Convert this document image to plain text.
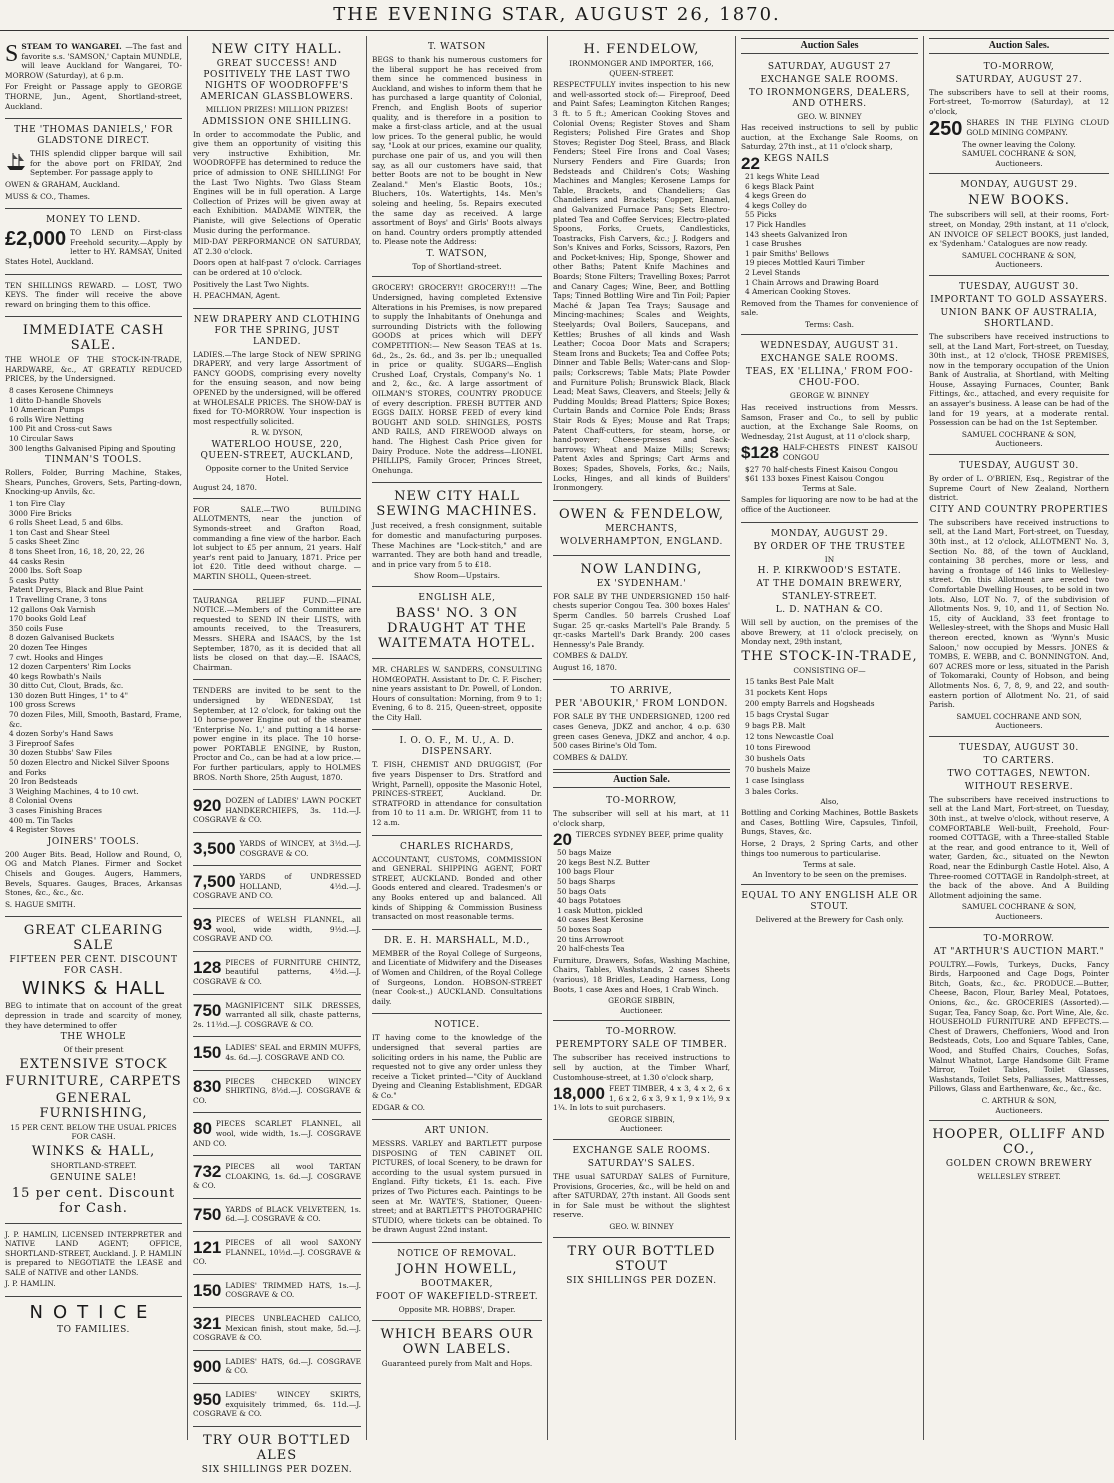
THE EVENING STAR, AUGUST 26, 1870.

SSTEAM TO WANGAREI. —The fast and favorite s.s. 'SAMSON,' Captain MUNDLE, will leave Auckland for Wangarei, TO-MORROW (Saturday), at 6 p.m.

For Freight or Passage apply to GEORGE THORNE, Jun., Agent, Shortland-street, Auckland.

THE 'THOMAS DANIELS,' FOR GLADSTONE DIRECT.

THIS splendid clipper barque will sail for the above port on FRIDAY, 2nd September. For passage apply to

OWEN & GRAHAM, Auckland.

MUSS & CO., Thames.

MONEY TO LEND.

£2,000 TO LEND on First-class Freehold security.—Apply by letter to HY. RAMSAY, United States Hotel, Auckland.

TEN SHILLINGS REWARD. — LOST, TWO KEYS. The finder will receive the above reward on bringing them to this office.

IMMEDIATE CASH SALE.

THE WHOLE OF THE STOCK-IN-TRADE, HARDWARE, &c., AT GREATLY REDUCED PRICES, by the Undersigned.

8 cases Kerosene Chimneys
1 ditto D-handle Shovels
10 American Pumps
6 rolls Wire Netting
100 Pit and Cross-cut Saws
10 Circular Saws
300 lengths Galvanised Piping and Spouting
TINMAN'S TOOLS.

Rollers, Folder, Burring Machine, Stakes, Shears, Punches, Grovers, Sets, Parting-down, Knocking-up Anvils, &c.

1 ton Fire Clay
3000 Fire Bricks
6 rolls Sheet Lead, 5 and 6lbs.
1 ton Cast and Shear Steel
5 casks Sheet Zinc
8 tons Sheet Iron, 16, 18, 20, 22, 26
44 casks Resin
2000 lbs. Soft Soap
5 casks Putty
Patent Dryers, Black and Blue Paint
1 Travelling Crane, 3 tons
12 gallons Oak Varnish
170 books Gold Leaf
350 coils Fuse
8 dozen Galvanised Buckets
20 dozen Tee Hinges
7 cwt. Hooks and Hinges
12 dozen Carpenters' Rim Locks
40 kegs Rowbath's Nails
30 ditto Cut, Clout, Brads, &c.
130 dozen Butt Hinges, 1" to 4"
100 gross Screws
70 dozen Files, Mill, Smooth, Bastard, Frame, &c.
4 dozen Sorby's Hand Saws
3 Fireproof Safes
30 dozen Stubbs' Saw Files
50 dozen Electro and Nickel Silver Spoons and Forks
20 Iron Bedsteads
3 Weighing Machines, 4 to 10 cwt.
8 Colonial Ovens
3 cases Finishing Braces
400 m. Tin Tacks
4 Register Stoves
JOINERS' TOOLS.

200 Auger Bits. Bead, Hollow and Round, O, OG and Match Planes. Firmer and Socket Chisels and Gouges. Augers, Hammers, Bevels, Squares. Gauges, Braces, Arkansas Stones, &c., &c., &c.

S. HAGUE SMITH.

GREAT CLEARING SALE
FIFTEEN PER CENT. DISCOUNT FOR CASH.
WINKS & HALL

BEG to intimate that on account of the great depression in trade and scarcity of money, they have determined to offer

THE WHOLE
Of their present
EXTENSIVE STOCK
FURNITURE, CARPETS
GENERAL FURNISHING,
15 PER CENT. BELOW THE USUAL PRICES FOR CASH.
WINKS & HALL,
SHORTLAND-STREET.
GENUINE SALE!
15 per cent. Discount for Cash.

J. P. HAMLIN, LICENSED INTERPRETER and NATIVE LAND AGENT; OFFICE, SHORTLAND-STREET, Auckland. J. P. HAMLIN is prepared to NEGOTIATE the LEASE and SALE of NATIVE and other LANDS.

J. P. HAMLIN.

NOTICE
TO FAMILIES.
NEW CITY HALL.
GREAT SUCCESS! AND POSITIVELY THE LAST TWO NIGHTS OF WOODROFFE'S AMERICAN GLASSBLOWERS.
MILLION PRIZES! MILLION PRIZES!
ADMISSION ONE SHILLING.

In order to accommodate the Public, and give them an opportunity of visiting this very instructive Exhibition, Mr. WOODROFFE has determined to reduce the price of admission to ONE SHILLING! For the Last Two Nights. Two Glass Steam Engines will be in full operation. A Large Collection of Prizes will be given away at each Exhibition. MADAME WINTER, the Pianiste, will give Selections of Operatic Music during the performance.

MID-DAY PERFORMANCE ON SATURDAY, AT 2.30 o'clock.

Doors open at half-past 7 o'clock. Carriages can be ordered at 10 o'clock.

Positively the Last Two Nights.

H. PEACHMAN, Agent.

NEW DRAPERY AND CLOTHING FOR THE SPRING, JUST LANDED.

LADIES.—The large Stock of NEW SPRING DRAPERY, and very large Assortment of FANCY GOODS, comprising every novelty for the ensuing season, and now being OPENED by the undersigned, will be offered at WHOLESALE PRICES. The SHOW-DAY is fixed for TO-MORROW. Your inspection is most respectfully solicited.

R. W. DYSON,
WATERLOO HOUSE, 220, QUEEN-STREET, AUCKLAND,
Opposite corner to the United Service Hotel.
August 24, 1870.

FOR SALE.—TWO BUILDING ALLOTMENTS, near the junction of Symonds-street and Grafton Road, commanding a fine view of the harbor. Each lot subject to £5 per annum, 21 years. Half year's rent paid to January, 1871. Price per lot £20. Title deed without charge. — MARTIN SHOLL, Queen-street.

TAURANGA RELIEF FUND.—FINAL NOTICE.—Members of the Committee are requested to SEND IN their LISTS, with amounts received, to the Treasurers, Messrs. SHERA and ISAACS, by the 1st September, 1870, as it is decided that all lists be closed on that day.—E. ISAACS, Chairman.

TENDERS are invited to be sent to the undersigned by WEDNESDAY, 1st September, at 12 o'clock, for taking out the 10 horse-power Engine out of the steamer 'Enterprise No. 1,' and putting a 14 horse-power engine in its place. The 10 horse-power PORTABLE ENGINE, by Ruston, Proctor and Co., can be had at a low price.—For further particulars, apply to HOLMES BROS. North Shore, 25th August, 1870.

920 DOZEN of LADIES' LAWN POCKET HANDKERCHIEFS, 3s. 11d.—J. COSGRAVE & CO.

3,500 YARDS of WINCEY, at 3½d.—J. COSGRAVE & CO.

7,500 YARDS of UNDRESSED HOLLAND, 4½d.—J. COSGRAVE AND CO.

93 PIECES of WELSH FLANNEL, all wool, wide width, 9½d.—J. COSGRAVE AND CO.

128 PIECES of FURNITURE CHINTZ, beautiful patterns, 4½d.—J. COSGRAVE & CO.

750 MAGNIFICENT SILK DRESSES, warranted all silk, chaste patterns, 2s. 11½d.—J. COSGRAVE & CO.

150 LADIES' SEAL and ERMIN MUFFS, 4s. 6d.—J. COSGRAVE AND CO.

830 PIECES CHECKED WINCEY SHIRTING, 8½d.—J. COSGRAVE & CO.

80 PIECES SCARLET FLANNEL, all wool, wide width, 1s.—J. COSGRAVE AND CO.

732 PIECES all wool TARTAN CLOAKING, 1s. 6d.—J. COSGRAVE & CO.

750 YARDS of BLACK VELVETEEN, 1s. 6d.—J. COSGRAVE & CO.

121 PIECES of all wool SAXONY FLANNEL, 10½d.—J. COSGRAVE & CO.

150 LADIES' TRIMMED HATS, 1s.—J. COSGRAVE & CO.

321 PIECES UNBLEACHED CALICO, Mexican finish, stout make, 5d.—J. COSGRAVE & CO.

900 LADIES' HATS, 6d.—J. COSGRAVE & CO.

950 LADIES' WINCEY SKIRTS, exquisitely trimmed, 6s. 11d.—J. COSGRAVE & CO.

TRY OUR BOTTLED ALES
SIX SHILLINGS PER DOZEN.
T. WATSON

BEGS to thank his numerous customers for the liberal support he has received from them since he commenced business in Auckland, and wishes to inform them that he has purchased a large quantity of Colonial, French, and English Boots of superior quality, and is therefore in a position to make a first-class article, and at the usual low prices. To the general public, he would say, "Look at our prices, examine our quality, purchase one pair of us, and you will then say, as all our customers have said, that better Boots are not to be bought in New Zealand." Men's Elastic Boots, 10s.; Bluchers, 10s. Watertights, 14s. Men's soleing and heeling, 5s. Repairs executed the same day as received. A large assortment of Boys' and Girls' Boots always on hand. Country orders promptly attended to. Please note the Address:

T. WATSON,
Top of Shortland-street.

GROCERY! GROCERY!! GROCERY!!! —The Undersigned, having completed Extensive Alterations in his Premises, is now prepared to supply the Inhabitants of Onehunga and surrounding Districts with the following GOODS at prices which will DEFY COMPETITION:— New Season TEAS at 1s. 6d., 2s., 2s. 6d., and 3s. per lb.; unequalled in price or quality. SUGARS—English Crushed Loaf, Crystals, Company's No. 1 and 2, &c., &c. A large assortment of OILMAN'S STORES, COUNTRY PRODUCE of every description. FRESH BUTTER AND EGGS DAILY. HORSE FEED of every kind BOUGHT AND SOLD. SHINGLES, POSTS AND RAILS, AND FIREWOOD always on hand. The Highest Cash Price given for Dairy Produce. Note the address—LIONEL PHILLIPS, Family Grocer, Princes Street, Onehunga.

NEW CITY HALL SEWING MACHINES.

Just received, a fresh consignment, suitable for domestic and manufacturing purposes. These Machines are "Lock-stitch," and are warranted. They are both hand and treadle, and in price vary from 5 to £18.

Show Room—Upstairs.
ENGLISH ALE,
BASS' NO. 3 ON DRAUGHT AT THE WAITEMATA HOTEL.

MR. CHARLES W. SANDERS, CONSULTING HOMŒOPATH. Assistant to Dr. C. F. Fischer; nine years assistant to Dr. Powell, of London. Hours of consultation: Morning, from 9 to 1; Evening, 6 to 8. 215, Queen-street, opposite the City Hall.

I. O. O. F., M. U., A. D. DISPENSARY.

T. FISH, CHEMIST AND DRUGGIST, (For five years Dispenser to Drs. Stratford and Wright, Parnell), opposite the Masonic Hotel, PRINCES-STREET, Auckland. Dr. STRATFORD in attendance for consultation from 10 to 11 a.m. Dr. WRIGHT, from 11 to 12 a.m.

CHARLES RICHARDS,

ACCOUNTANT, CUSTOMS, COMMISSION and GENERAL SHIPPING AGENT, FORT STREET, AUCKLAND. Bonded and other Goods entered and cleared. Tradesmen's or any Books entered up and balanced. All kinds of Shipping & Commission Business transacted on most reasonable terms.

DR. E. H. MARSHALL, M.D.,

MEMBER of the Royal College of Surgeons, and Licentiate of Midwifery and the Diseases of Women and Children, of the Royal College of Surgeons, London. HOBSON-STREET (near Cook-st.,) AUCKLAND. Consultations daily.

NOTICE.

IT having come to the knowledge of the undersigned that several parties are soliciting orders in his name, the Public are requested not to give any order unless they receive a Ticket printed—"City of Auckland Dyeing and Cleaning Establishment, EDGAR & Co."

EDGAR & CO.

ART UNION.

MESSRS. VARLEY and BARTLETT purpose DISPOSING of TEN CABINET OIL PICTURES, of local Scenery, to be drawn for according to the usual system pursued in England. Fifty tickets, £1 1s. each. Five prizes of Two Pictures each. Paintings to be seen at Mr. WAYTE'S, Stationer, Queen-street; and at BARTLETT'S PHOTOGRAPHIC STUDIO, where tickets can be obtained. To be drawn August 22nd instant.

NOTICE OF REMOVAL.
JOHN HOWELL,
BOOTMAKER,
FOOT OF WAKEFIELD-STREET.
Opposite MR. HOBBS', Draper.
WHICH BEARS OUR OWN LABELS.
Guaranteed purely from Malt and Hops.
H. FENDELOW,
IRONMONGER AND IMPORTER, 166, QUEEN-STREET.

RESPECTFULLY invites inspection to his new and well-assorted stock of:— Fireproof, Deed and Paint Safes; Leamington Kitchen Ranges; 3 ft. to 5 ft.; American Cooking Stoves and Colonial Ovens; Register Stoves and Sham Registers; Polished Fire Grates and Shop Stoves; Register Dog Steel, Brass, and Black Fenders; Steel Fire Irons and Coal Vases; Nursery Fenders and Fire Guards; Iron Bedsteads and Children's Cots; Washing Machines and Mangles; Kerosene Lamps for Table, Brackets, and Chandeliers; Gas Chandeliers and Brackets; Copper, Enamel, and Galvanized Furnace Pans; Sets Electro-plated Tea and Coffee Services; Electro-plated Spoons, Forks, Cruets, Candlesticks, Toastracks, Fish Carvers, &c.; J. Rodgers and Son's Knives and Forks, Scissors, Razors, Pen and Pocket-knives; Hip, Sponge, Shower and other Baths; Patent Knife Machines and Boards; Stone Filters; Travelling Boxes; Parrot and Canary Cages; Wine, Beer, and Bottling Taps; Tinned Bottling Wire and Tin Foil; Papier Maché & Japan Tea Trays; Sausage and Mincing-machines; Scales and Weights, Steelyards; Oval Boilers, Saucepans, and Kettles; Brushes of all kinds and Wash Leather; Cocoa Door Mats and Scrapers; Steam Irons and Buckets; Tea and Coffee Pots; Dinner and Table Bells; Water-cans and Slop-pails; Corkscrews; Table Mats; Plate Powder and Furniture Polish; Brunswick Black, Black Lead; Meat Saws, Cleavers, and Steels; Jelly & Pudding Moulds; Bread Platters; Spice Boxes; Curtain Bands and Cornice Pole Ends; Brass Stair Rods & Eyes; Mouse and Rat Traps; Patent Chaff-cutters, for steam, horse, or hand-power; Cheese-presses and Sack-barrows; Wheat and Maize Mills; Screws; Patent Axles and Springs; Cart Arms and Boxes; Spades, Shovels, Forks, &c.; Nails, Locks, Hinges, and all kinds of Builders' Ironmongery.

OWEN & FENDELOW,
MERCHANTS,
WOLVERHAMPTON, ENGLAND.
NOW LANDING,
EX 'SYDENHAM.'

FOR SALE BY THE UNDERSIGNED 150 half-chests superior Congou Tea. 300 boxes Hales' Sperm Candles. 50 barrels Crushed Loaf Sugar. 25 qr.-casks Martell's Pale Brandy. 5 qr.-casks Martell's Dark Brandy. 200 cases Hennessy's Pale Brandy.

COMBES & DALDY.

August 16, 1870.

TO ARRIVE,
PER 'ABOUKIR,' FROM LONDON.

FOR SALE BY THE UNDERSIGNED, 1200 red cases Geneva, JDKZ and anchor, 4 o.p. 630 green cases Geneva, JDKZ and anchor, 4 o.p. 500 cases Birine's Old Tom.

COMBES & DALDY.

Auction Sale.
TO-MORROW,

The subscriber will sell at his mart, at 11 o'clock sharp,

20 TIERCES SYDNEY BEEF, prime quality

50 bags Maize
20 kegs Best N.Z. Butter
100 bags Flour
50 bags Sharps
50 bags Oats
40 bags Potatoes
1 cask Mutton, pickled
40 cases Best Kerosine
50 boxes Soap
20 tins Arrowroot
20 half-chests Tea

Furniture, Drawers, Sofas, Washing Machine, Chairs, Tables, Washstands, 2 cases Sheets (various), 18 Bridles, Leading Harness, Long Boots, 1 case Axes and Hoes, 1 Crab Winch.

GEORGE SIBBIN,
Auctioneer.
TO-MORROW.
PEREMPTORY SALE OF TIMBER.

The subscriber has received instructions to sell by auction, at the Timber Wharf, Customhouse-street, at 1.30 o'clock sharp,

18,000 FEET TIMBER, 4 x 3, 4 x 2, 6 x 1, 6 x 2, 6 x 3, 9 x 1, 9 x 1½, 9 x 1¼. In lots to suit purchasers.

GEORGE SIBBIN,
Auctioneer.
EXCHANGE SALE ROOMS.
SATURDAY'S SALES.

THE usual SATURDAY SALES of Furniture, Provisions, Groceries, &c., will be held on and after SATURDAY, 27th instant. All Goods sent in for Sale must be without the slightest reserve.

GEO. W. BINNEY
TRY OUR BOTTLED STOUT
SIX SHILLINGS PER DOZEN.
Auction Sales
SATURDAY, AUGUST 27
EXCHANGE SALE ROOMS.
TO IRONMONGERS, DEALERS, AND OTHERS.
GEO. W. BINNEY

Has received instructions to sell by public auction, at the Exchange Sale Rooms, on Saturday, 27th inst., at 11 o'clock sharp,

22 KEGS NAILS

21 kegs White Lead
6 kegs Black Paint
4 kegs Green do
4 kegs Colley do
55 Picks
17 Pick Handles
143 sheets Galvanized Iron
1 case Brushes
1 pair Smiths' Bellows
19 pieces Mottled Kauri Timber
2 Level Stands
1 Chain Arrows and Drawing Board
4 American Cooking Stoves.

Removed from the Thames for convenience of sale.

Terms: Cash.
WEDNESDAY, AUGUST 31.
EXCHANGE SALE ROOMS.
TEAS, EX 'ELLINA,' FROM FOO-CHOU-FOO.
GEORGE W. BINNEY

Has received instructions from Messrs. Samson, Fraser and Co., to sell by public auction, at the Exchange Sale Rooms, on Wednesday, 21st August, at 11 o'clock sharp,

$128 HALF-CHESTS FINEST KAISOU CONGOU

$27 70 half-chests Finest Kaisou Congou
$61 133 boxes Finest Kaisou Congou
Terms at Sale.

Samples for liquoring are now to be had at the office of the Auctioneer.

MONDAY, AUGUST 29.
BY ORDER OF THE TRUSTEE
IN
H. P. KIRKWOOD'S ESTATE.
AT THE DOMAIN BREWERY,
STANLEY-STREET.
L. D. NATHAN & CO.

Will sell by auction, on the premises of the above Brewery, at 11 o'clock precisely, on Monday next, 29th instant,

THE STOCK-IN-TRADE,
CONSISTING OF—
15 tanks Best Pale Malt
31 pockets Kent Hops
200 empty Barrels and Hogsheads
15 bags Crystal Sugar
9 bags P.B. Malt
12 tons Newcastle Coal
10 tons Firewood
30 bushels Oats
70 bushels Maize
1 case Isinglass
3 bales Corks.
Also,

Bottling and Corking Machines, Bottle Baskets and Cases, Bottling Wire, Capsules, Tinfoil, Bungs, Staves, &c.

Horse, 2 Drays, 2 Spring Carts, and other things too numerous to particularise.

Terms at sale.
An Inventory to be seen on the premises.
EQUAL TO ANY ENGLISH ALE OR STOUT.
Delivered at the Brewery for Cash only.
Auction Sales.
TO-MORROW,
SATURDAY, AUGUST 27.

The subscribers have to sell at their rooms, Fort-street, To-morrow (Saturday), at 12 o'clock,

250 SHARES IN THE FLYING CLOUD GOLD MINING COMPANY.

The owner leaving the Colony.
SAMUEL COCHRANE & SON,
Auctioneers.
MONDAY, AUGUST 29.
NEW BOOKS.

The subscribers will sell, at their rooms, Fort-street, on Monday, 29th instant, at 11 o'clock, AN INVOICE OF SELECT BOOKS, just landed, ex 'Sydenham.' Catalogues are now ready.

SAMUEL COCHRANE & SON,
Auctioneers.
TUESDAY, AUGUST 30.
IMPORTANT TO GOLD ASSAYERS.
UNION BANK OF AUSTRALIA, SHORTLAND.

The subscribers have received instructions to sell, at the Land Mart, Fort-street, on Tuesday, 30th inst., at 12 o'clock, THOSE PREMISES, now in the temporary occupation of the Union Bank of Australia, at Shortland, with Melting House, Assaying Furnaces, Counter, Bank Fittings, &c., attached, and every requisite for an assayer's business. A lease can be had of the land for 19 years, at a moderate rental. Possession can be had on the 1st September.

SAMUEL COCHRANE & SON,
Auctioneers.
TUESDAY, AUGUST 30.

By order of L. O'BRIEN, Esq., Registrar of the Supreme Court of New Zealand, Northern district.

CITY AND COUNTRY PROPERTIES

The subscribers have received instructions to sell, at the Land Mart, Fort-street, on Tuesday, 30th inst., at 12 o'clock, ALLOTMENT No. 3, Section No. 88, of the town of Auckland, containing 38 perches, more or less, and having a frontage of 146 links to Wellesley-street. On this Allotment are erected two Comfortable Dwelling Houses, to be sold in two lots. Also, LOT No. 7, of the subdivision of Allotments Nos. 9, 10, and 11, of Section No. 15, city of Auckland, 33 feet frontage to Wellesley-street, with the Shops and Music Hall thereon erected, known as 'Wynn's Music Saloon,' now occupied by Messrs. JONES & TOMBS, E. WEBB, and C. BONNINGTON. And, 607 ACRES more or less, situated in the Parish of Tokomaraki, County of Hobson, and being Allotments Nos. 6, 7, 8, 9, and 22, and south-eastern portion of Allotment No. 21, of said Parish.

SAMUEL COCHRANE AND SON,
Auctioneers.
TUESDAY, AUGUST 30.
TO CARTERS.
TWO COTTAGES, NEWTON.
WITHOUT RESERVE.

The subscribers have received instructions to sell at the Land Mart, Fort-street, on Tuesday, 30th inst., at twelve o'clock, without reserve, A COMFORTABLE Well-built, Freehold, Four-roomed COTTAGE, with a Three-stalled Stable at the rear, and good entrance to it, Well of water, Garden, &c., situated on the Newton Road, near the Edinburgh Castle Hotel. Also, A Three-roomed COTTAGE in Randolph-street, at the back of the above. And A Building Allotment adjoining the same.

SAMUEL COCHRANE & SON,
Auctioneers.
TO-MORROW.
AT "ARTHUR'S AUCTION MART."

POULTRY.—Fowls, Turkeys, Ducks, Fancy Birds, Harpooned and Cage Dogs, Pointer Bitch, Goats, &c., &c. PRODUCE.—Butter, Cheese, Bacon, Flour, Barley Meal, Potatoes, Onions, &c., &c. GROCERIES (Assorted).—Sugar, Tea, Fancy Soap, &c. Port Wine, Ale, &c. HOUSEHOLD FURNITURE AND EFFECTS.—Chest of Drawers, Cheffoniers, Wood and Iron Bedsteads, Cots, Loo and Square Tables, Cane, Wood, and Stuffed Chairs, Couches, Sofas, Walnut Whatnot, Large Handsome Gilt Frame Mirror, Toilet Tables, Toilet Glasses, Washstands, Toilet Sets, Palliasses, Mattresses, Pillows, Glass and Earthenware, &c., &c., &c.

C. ARTHUR & SON,
Auctioneers.
HOOPER, OLLIFF AND CO.,
GOLDEN CROWN BREWERY
WELLESLEY STREET.
